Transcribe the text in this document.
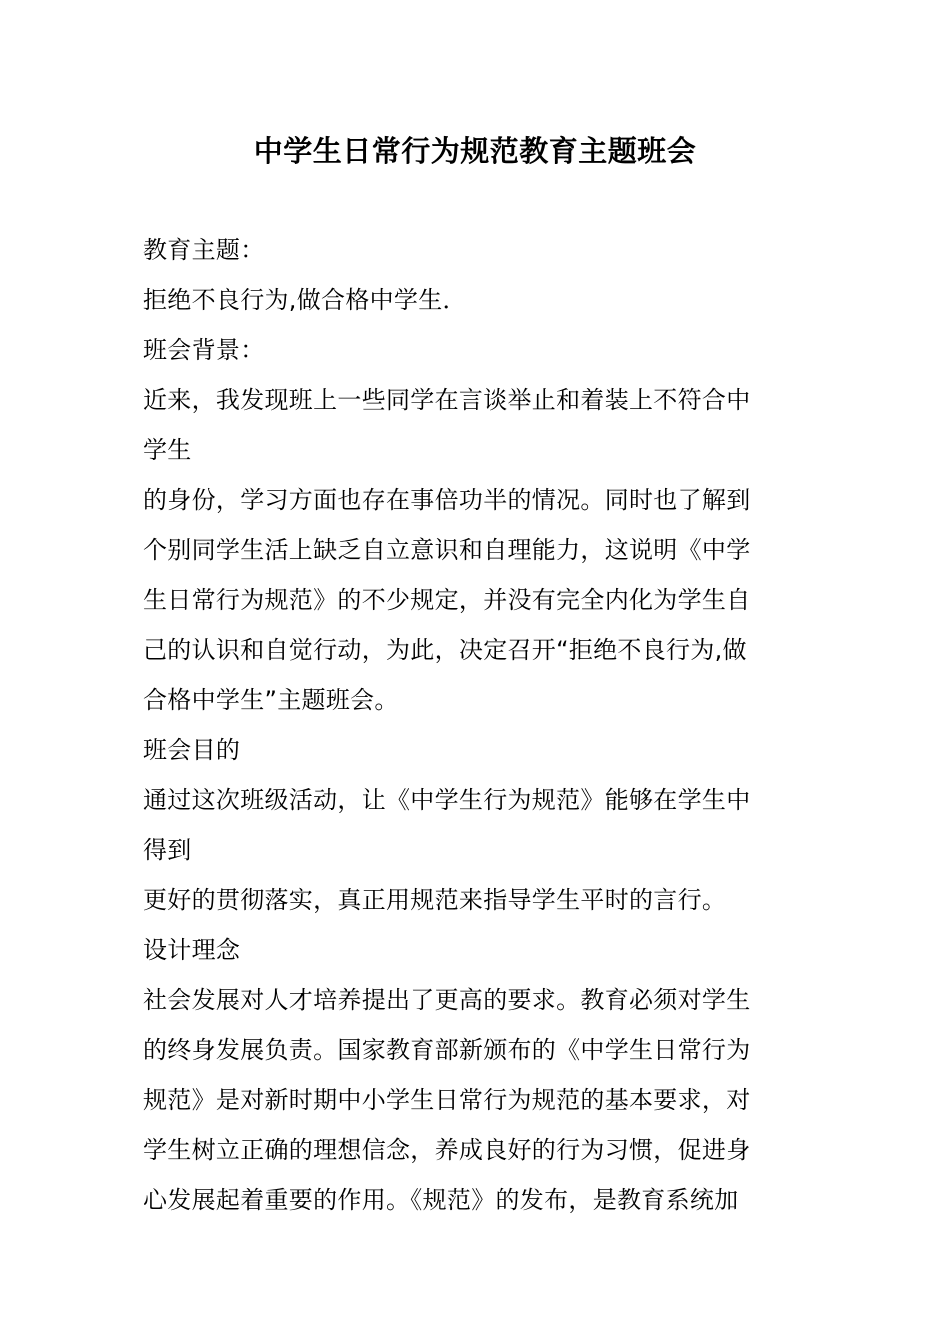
中学生日常行为规范教育主题班会
教育主题：
拒绝不良行为,做合格中学生．
班会背景：
近来，我发现班上一些同学在言谈举止和着装上不符合中
学生
的身份，学习方面也存在事倍功半的情况。同时也了解到
个别同学生活上缺乏自立意识和自理能力，这说明《中学
生日常行为规范》的不少规定，并没有完全内化为学生自
己的认识和自觉行动，为此，决定召开“拒绝不良行为,做
合格中学生”主题班会。
班会目的
通过这次班级活动，让《中学生行为规范》能够在学生中
得到
更好的贯彻落实，真正用规范来指导学生平时的言行。
设计理念
社会发展对人才培养提出了更高的要求。教育必须对学生
的终身发展负责。国家教育部新颁布的《中学生日常行为
规范》是对新时期中小学生日常行为规范的基本要求，对
学生树立正确的理想信念，养成良好的行为习惯，促进身
心发展起着重要的作用。《规范》的发布，是教育系统加
